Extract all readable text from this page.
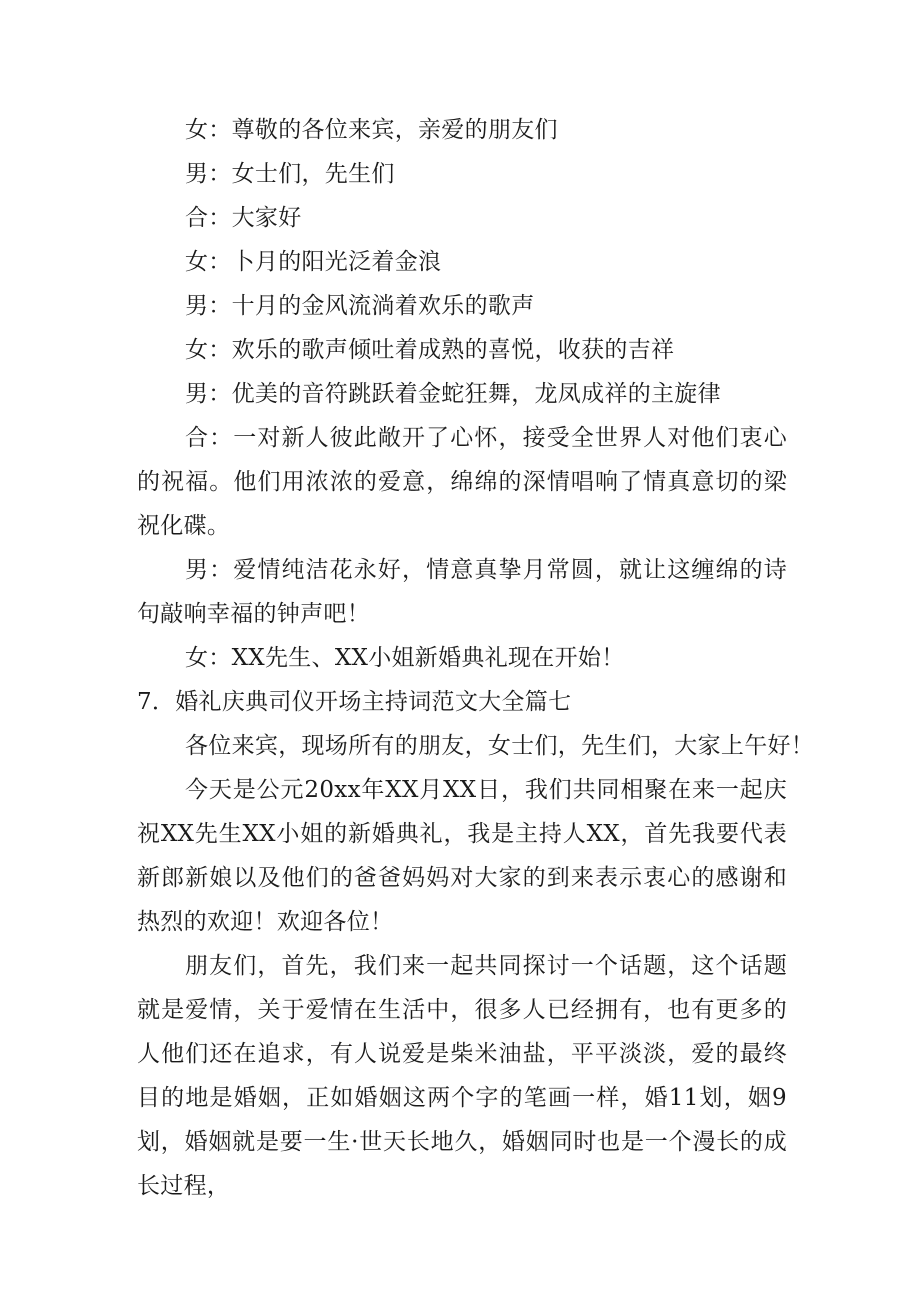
女：尊敬的各位来宾，亲爱的朋友们
男：女士们，先生们
合：大家好
女：卜月的阳光泛着金浪
男：十月的金风流淌着欢乐的歌声
女：欢乐的歌声倾吐着成熟的喜悦，收获的吉祥
男：优美的音符跳跃着金蛇狂舞，龙凤成祥的主旋律

合：一对新人彼此敞开了心怀，接受全世界人对他们衷心的祝福。他们用浓浓的爱意，绵绵的深情唱响了情真意切的梁祝化碟。

男：爱情纯洁花永好，情意真挚月常圆，就让这缠绵的诗句敲响幸福的钟声吧！

女：XX先生、XX小姐新婚典礼现在开始！
7．婚礼庆典司仪开场主持词范文大全篇七
各位来宾，现场所有的朋友，女士们，先生们，大家上午好！

今天是公元20xx年XX月XX日，我们共同相聚在来一起庆祝XX先生XX小姐的新婚典礼，我是主持人XX，首先我要代表新郎新娘以及他们的爸爸妈妈对大家的到来表示衷心的感谢和热烈的欢迎！欢迎各位！

朋友们，首先，我们来一起共同探讨一个话题，这个话题就是爱情，关于爱情在生活中，很多人已经拥有，也有更多的人他们还在追求，有人说爱是柴米油盐，平平淡淡，爱的最终目的地是婚姻，正如婚姻这两个字的笔画一样，婚11划，姻9划，婚姻就是要一生·世天长地久，婚姻同时也是一个漫长的成长过程，
